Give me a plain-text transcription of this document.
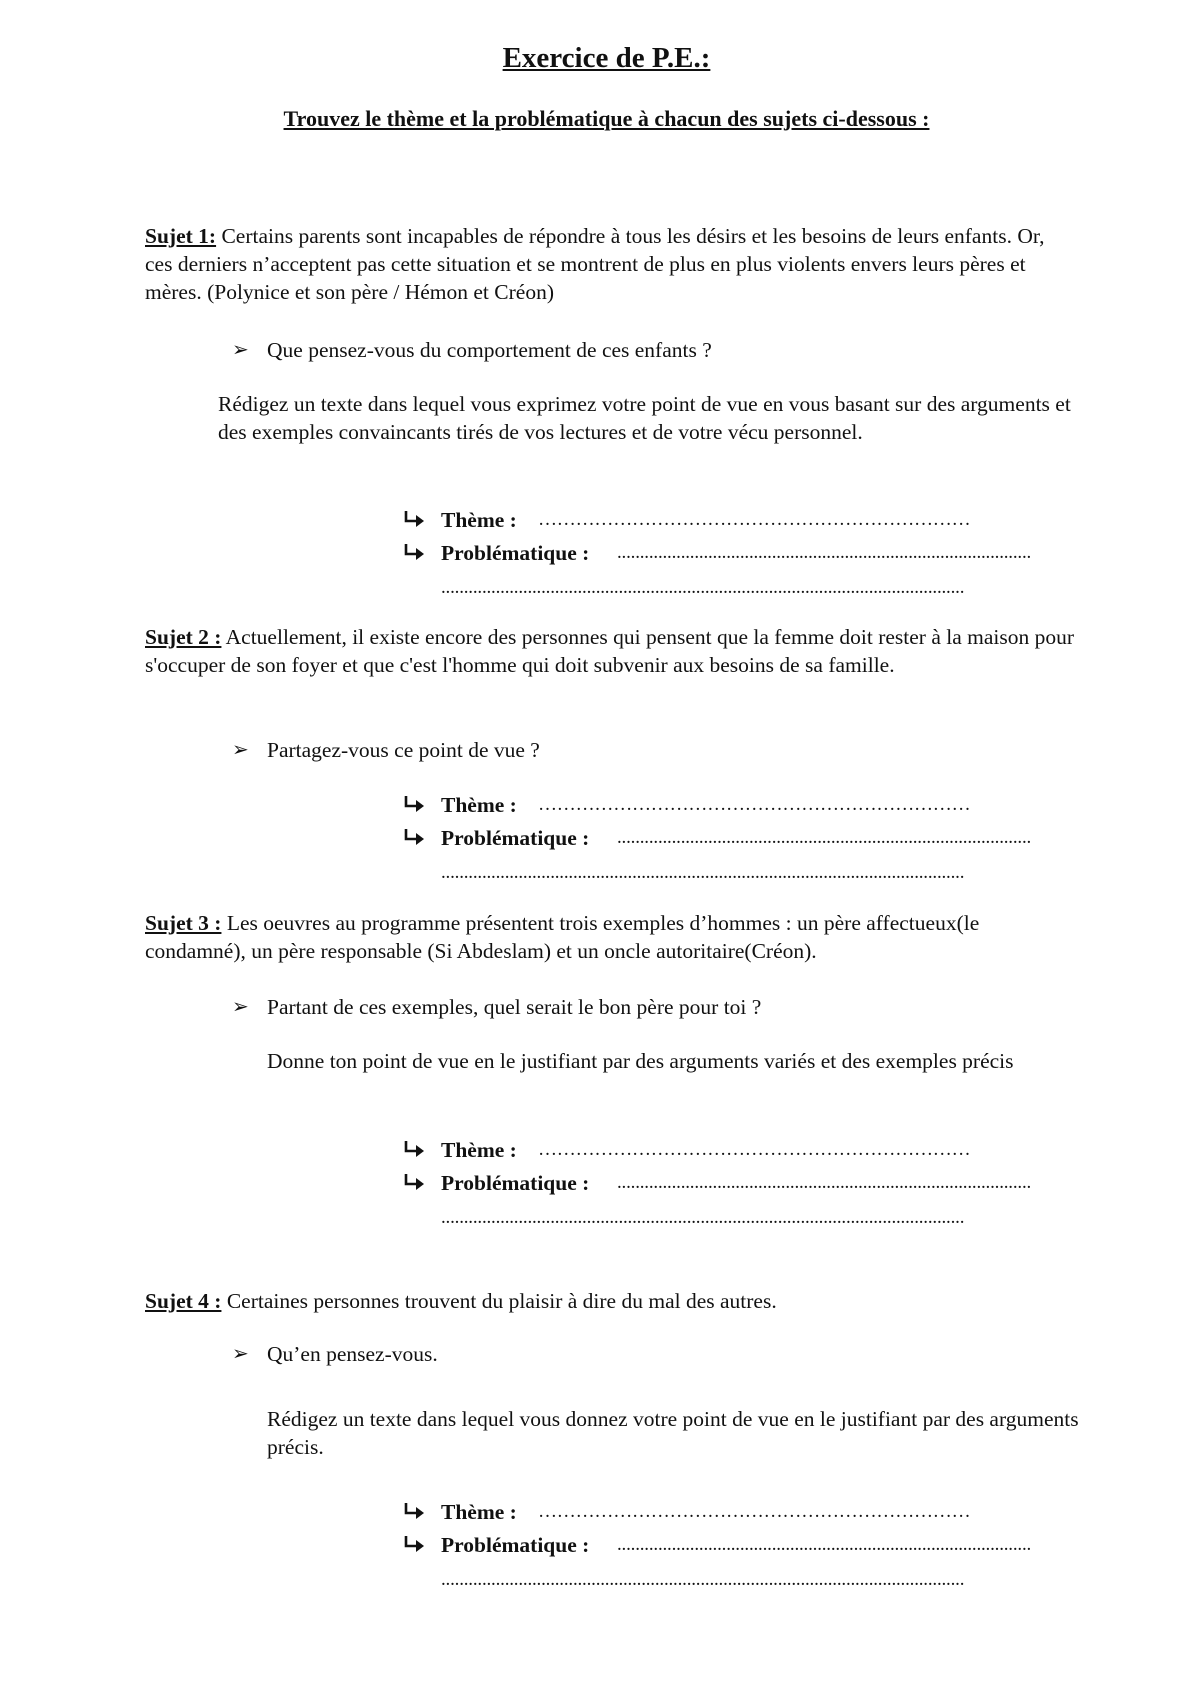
Exercice de P.E.:
Trouvez le thème et la problématique à chacun des sujets ci-dessous :
Sujet 1: Certains parents sont incapables de répondre à tous les désirs et les besoins de leurs enfants. Or, ces derniers n’acceptent pas cette situation et se montrent de plus en plus violents envers leurs pères et mères. (Polynice et son père / Hémon et Créon)
➢ Que pensez-vous du comportement de ces enfants ?
Rédigez un texte dans lequel vous exprimez votre point de vue en vous basant sur des arguments et des exemples convaincants tirés de vos lectures et de votre vécu personnel.
Thème : ……………………………………………………………
Problématique : ...........................................................................................
...................................................................................................................
Sujet 2 : Actuellement, il existe encore des personnes qui pensent que la femme doit rester à la maison pour s'occuper de son foyer et que c'est l'homme qui doit subvenir aux besoins de sa famille.
➢ Partagez-vous ce point de vue ?
Thème : ……………………………………………………………
Problématique : ...........................................................................................
...................................................................................................................
Sujet 3 : Les oeuvres au programme présentent trois exemples d’hommes : un père affectueux(le condamné), un père responsable (Si Abdeslam) et un oncle autoritaire(Créon).
➢ Partant de ces exemples, quel serait le bon père pour toi ?
Donne ton point de vue en le justifiant par des arguments variés et des exemples précis
Thème : ……………………………………………………………
Problématique : ...........................................................................................
...................................................................................................................
Sujet 4 : Certaines personnes trouvent du plaisir à dire du mal des autres.
➢ Qu’en pensez-vous.
Rédigez un texte dans lequel vous donnez votre point de vue en le justifiant par des arguments précis.
Thème : ……………………………………………………………
Problématique : ...........................................................................................
...................................................................................................................
